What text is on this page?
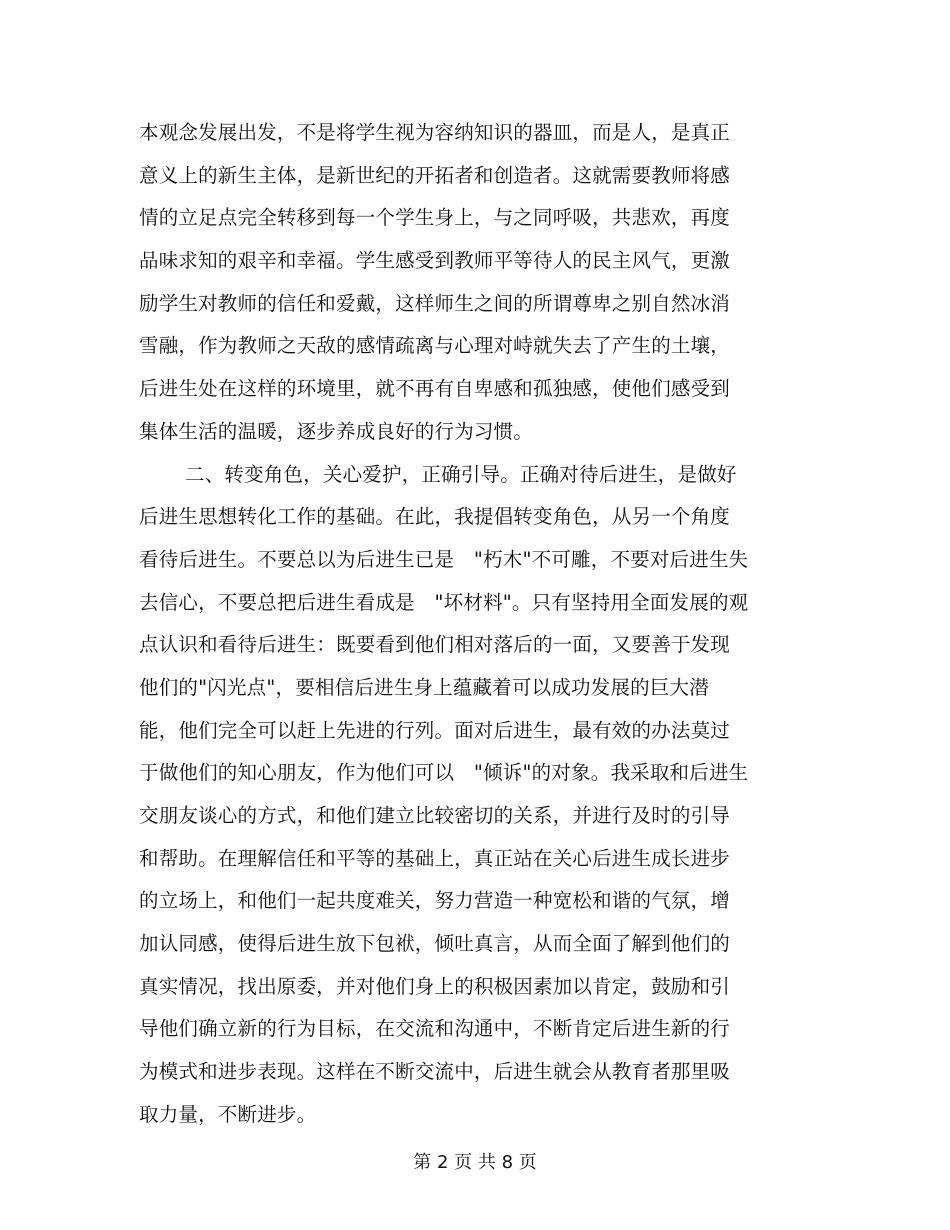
本观念发展出发，不是将学生视为容纳知识的器皿，而是人，是真正
意义上的新生主体，是新世纪的开拓者和创造者。这就需要教师将感
情的立足点完全转移到每一个学生身上，与之同呼吸，共悲欢，再度
品味求知的艰辛和幸福。学生感受到教师平等待人的民主风气，更激
励学生对教师的信任和爱戴，这样师生之间的所谓尊卑之别自然冰消
雪融，作为教师之天敌的感情疏离与心理对峙就失去了产生的土壤，
后进生处在这样的环境里，就不再有自卑感和孤独感，使他们感受到
集体生活的温暖，逐步养成良好的行为习惯。
二、转变角色，关心爱护，正确引导。正确对待后进生，是做好
后进生思想转化工作的基础。在此，我提倡转变角色，从另一个角度
看待后进生。不要总以为后进生已是　"朽木"不可雕，不要对后进生失
去信心，不要总把后进生看成是　"坏材料"。只有坚持用全面发展的观
点认识和看待后进生：既要看到他们相对落后的一面，又要善于发现
他们的"闪光点"，要相信后进生身上蕴藏着可以成功发展的巨大潜
能，他们完全可以赶上先进的行列。面对后进生，最有效的办法莫过
于做他们的知心朋友，作为他们可以　"倾诉"的对象。我采取和后进生
交朋友谈心的方式，和他们建立比较密切的关系，并进行及时的引导
和帮助。在理解信任和平等的基础上，真正站在关心后进生成长进步
的立场上，和他们一起共度难关，努力营造一种宽松和谐的气氛，增
加认同感，使得后进生放下包袱，倾吐真言，从而全面了解到他们的
真实情况，找出原委，并对他们身上的积极因素加以肯定，鼓励和引
导他们确立新的行为目标，在交流和沟通中，不断肯定后进生新的行
为模式和进步表现。这样在不断交流中，后进生就会从教育者那里吸
取力量，不断进步。
第 2 页 共 8 页
